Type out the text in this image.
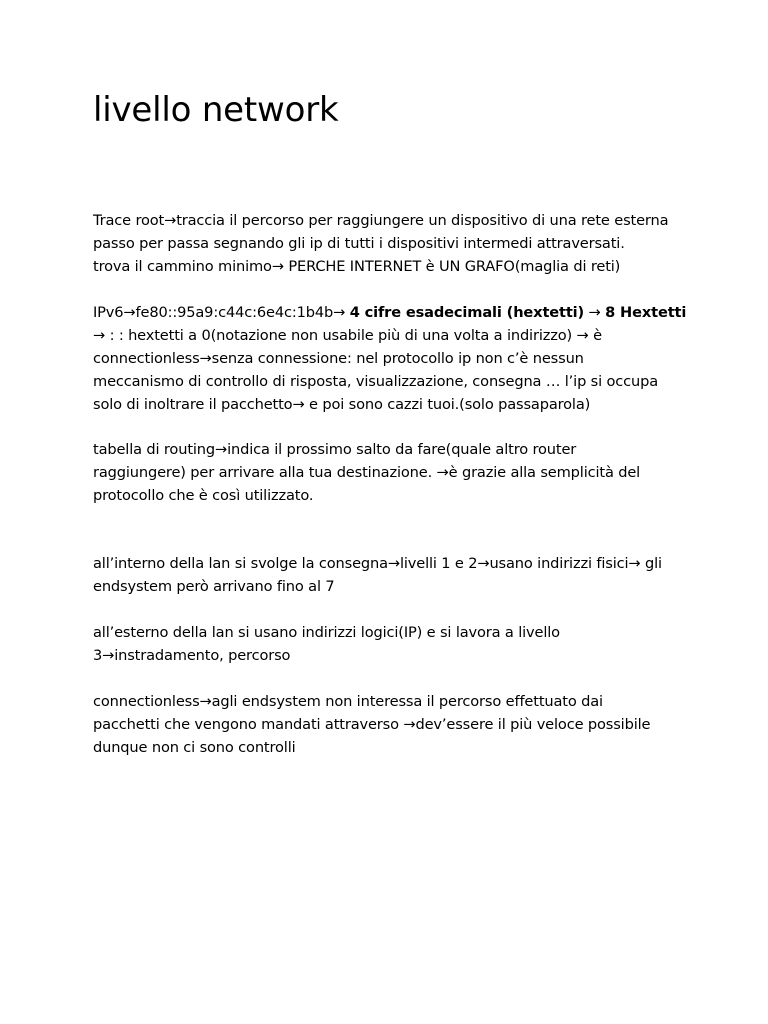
livello network

Trace root→traccia il percorso per raggiungere un dispositivo di una rete esterna
passo per passa segnando gli ip di tutti i dispositivi intermedi attraversati.
trova il cammino minimo→ PERCHE INTERNET è UN GRAFO(maglia di reti)

IPv6→fe80::95a9:c44c:6e4c:1b4b→ 4 cifre esadecimali (hextetti) → 8 Hextetti
→ : : hextetti a 0(notazione non usabile più di una volta a indirizzo) → è
connectionless→senza connessione: nel protocollo ip non c’è nessun
meccanismo di controllo di risposta, visualizzazione, consegna … l’ip si occupa
solo di inoltrare il pacchetto→ e poi sono cazzi tuoi.(solo passaparola)

tabella di routing→indica il prossimo salto da fare(quale altro router
raggiungere) per arrivare alla tua destinazione. →è grazie alla semplicità del
protocollo che è così utilizzato.

all’interno della lan si svolge la consegna→livelli 1 e 2→usano indirizzi fisici→ gli
endsystem però arrivano fino al 7

all’esterno della lan si usano indirizzi logici(IP) e si lavora a livello
3→instradamento, percorso

connectionless→agli endsystem non interessa il percorso effettuato dai
pacchetti che vengono mandati attraverso →dev’essere il più veloce possibile
dunque non ci sono controlli
